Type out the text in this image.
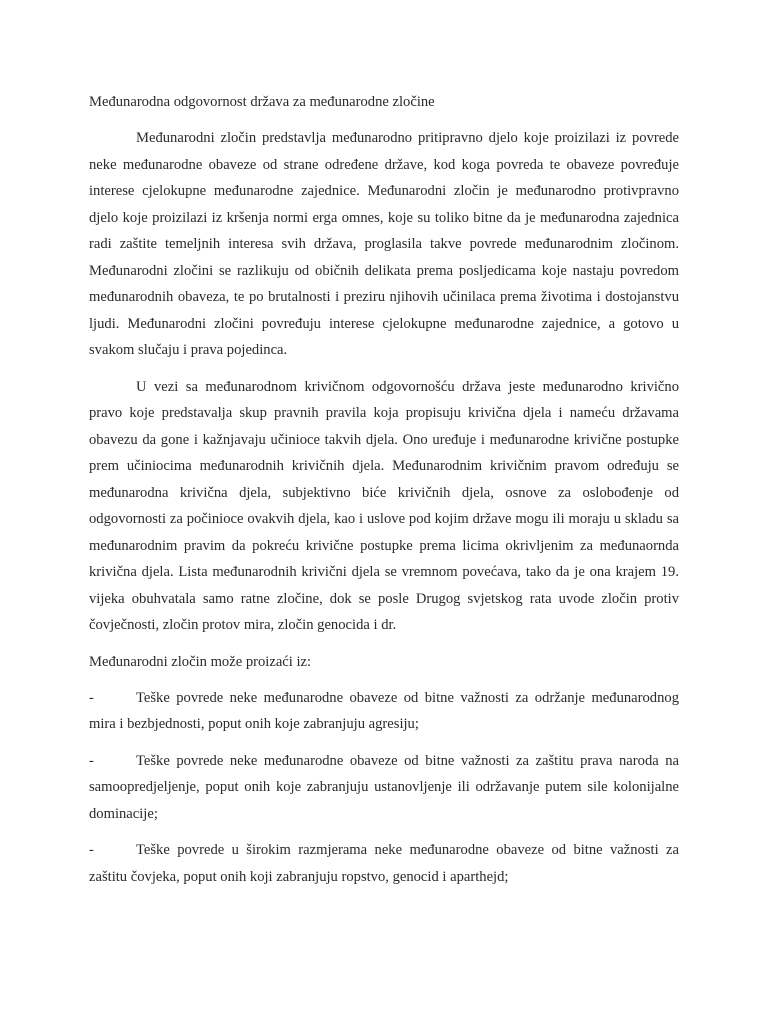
Međunarodna odgovornost država za međunarodne zločine

Međunarodni zločin predstavlja međunarodno pritipravno djelo koje proizilazi iz povrede neke međunarodne obaveze od strane određene države, kod koga povreda te obaveze povređuje interese cjelokupne međunarodne zajednice. Međunarodni zločin je međunarodno protivpravno djelo koje proizilazi iz kršenja normi erga omnes, koje su toliko bitne da je međunarodna zajednica radi zaštite temeljnih interesa svih država, proglasila takve povrede međunarodnim zločinom. Međunarodni zločini se razlikuju od običnih delikata prema posljedicama koje nastaju povredom međunarodnih obaveza, te po brutalnosti i preziru njihovih učinilaca prema životima i dostojanstvu ljudi. Međunarodni zločini povređuju interese cjelokupne međunarodne zajednice, a gotovo u svakom slučaju i prava pojedinca.

U vezi sa međunarodnom krivičnom odgovornošću država jeste međunarodno krivično pravo koje predstavalja skup pravnih pravila koja propisuju krivična djela i nameću državama obavezu da gone i kažnjavaju učinioce takvih djela. Ono uređuje i međunarodne krivične postupke prem učiniocima međunarodnih krivičnih djela. Međunarodnim krivičnim pravom određuju se međunarodna krivična djela, subjektivno biće krivičnih djela, osnove za oslobođenje od odgovornosti za počinioce ovakvih djela, kao i uslove pod kojim države mogu ili moraju u skladu sa međunarodnim pravim da pokreću krivične postupke prema licima okrivljenim za međunaornda krivična djela. Lista međunarodnih krivični djela se vremnom povećava, tako da je ona krajem 19. vijeka obuhvatala samo ratne zločine, dok se posle Drugog svjetskog rata uvode zločin protiv čovječnosti, zločin protov mira, zločin genocida i dr.

Međunarodni zločin može proizaći iz:
-	Teške povrede neke međunarodne obaveze od bitne važnosti za održanje međunarodnog mira i bezbjednosti, poput onih koje zabranjuju agresiju;
-	Teške povrede neke međunarodne obaveze od bitne važnosti za zaštitu prava naroda na samoopredjeljenje, poput onih koje zabranjuju ustanovljenje ili održavanje putem sile kolonijalne dominacije;
-	Teške povrede u širokim razmjerama neke međunarodne obaveze od bitne važnosti za zaštitu čovjeka, poput onih koji zabranjuju ropstvo, genocid i aparthejd;
